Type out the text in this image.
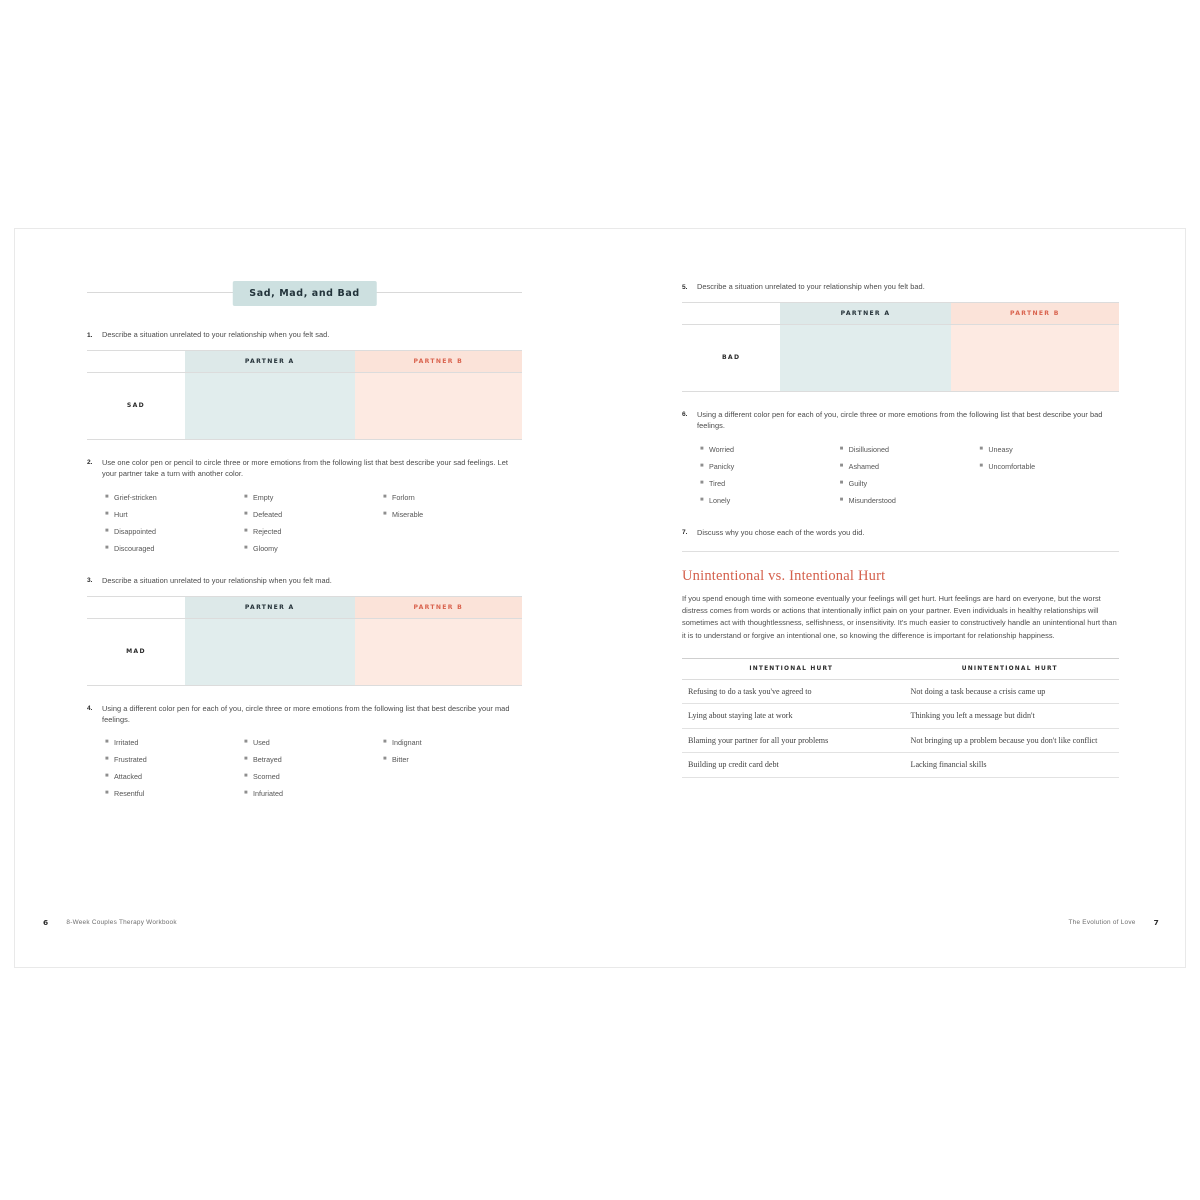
Sad, Mad, and Bad
1.	Describe a situation unrelated to your relationship when you felt sad.
	PARTNER A	PARTNER B
SAD		
2.	Use one color pen or pencil to circle three or more emotions from the following list that best describe your sad feelings. Let your partner take a turn with another color.
■ Grief-stricken
■ Hurt
■ Disappointed
■ Discouraged
■ Empty
■ Defeated
■ Rejected
■ Gloomy
■ Forlorn
■ Miserable
3.	Describe a situation unrelated to your relationship when you felt mad.
	PARTNER A	PARTNER B
MAD		
4.	Using a different color pen for each of you, circle three or more emotions from the following list that best describe your mad feelings.
■ Irritated
■ Frustrated
■ Attacked
■ Resentful
■ Used
■ Betrayed
■ Scorned
■ Infuriated
■ Indignant
■ Bitter
6	8-Week Couples Therapy Workbook
5.	Describe a situation unrelated to your relationship when you felt bad.
	PARTNER A	PARTNER B
BAD		
6.	Using a different color pen for each of you, circle three or more emotions from the following list that best describe your bad feelings.
■ Worried
■ Panicky
■ Tired
■ Lonely
■ Disillusioned
■ Ashamed
■ Guilty
■ Misunderstood
■ Uneasy
■ Uncomfortable
7.	Discuss why you chose each of the words you did.
Unintentional vs. Intentional Hurt
If you spend enough time with someone eventually your feelings will get hurt. Hurt feelings are hard on everyone, but the worst distress comes from words or actions that intentionally inflict pain on your partner. Even individuals in healthy relationships will sometimes act with thoughtlessness, selfishness, or insensitivity. It's much easier to constructively handle an unintentional hurt than it is to understand or forgive an intentional one, so knowing the difference is important for relationship happiness.
INTENTIONAL HURT	UNINTENTIONAL HURT
Refusing to do a task you've agreed to	Not doing a task because a crisis came up
Lying about staying late at work	Thinking you left a message but didn't
Blaming your partner for all your problems	Not bringing up a problem because you don't like conflict
Building up credit card debt	Lacking financial skills
The Evolution of Love 7
